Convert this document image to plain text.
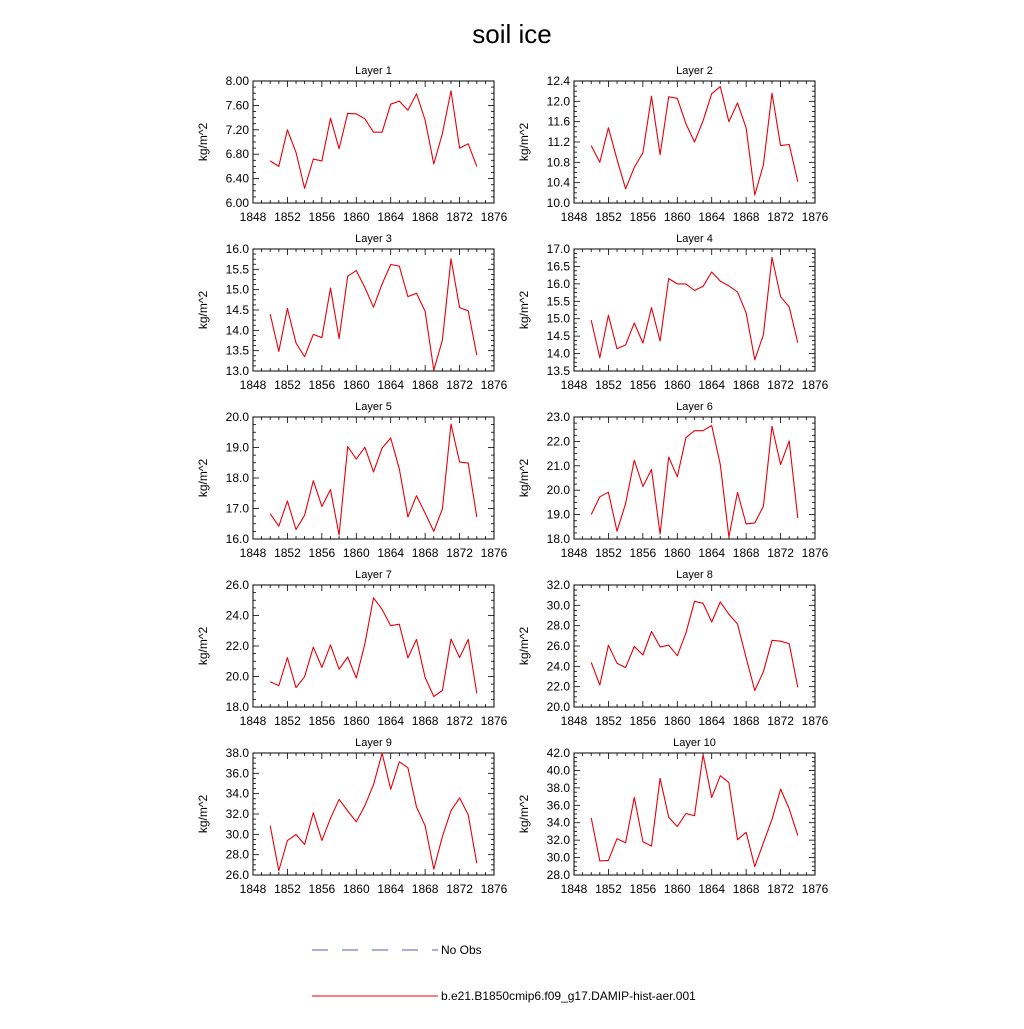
soil ice
Layer 1
1848 1852 1856 1860 1864 1868 1872 1876
6.00
6.40
6.80
7.20
7.60
8.00
kg/m^2
Layer 2
1848 1852 1856 1860 1864 1868 1872 1876
10.0
10.4
10.8
11.2
11.6
12.0
12.4
kg/m^2
Layer 3
1848 1852 1856 1860 1864 1868 1872 1876
13.0
13.5
14.0
14.5
15.0
15.5
16.0
kg/m^2
Layer 4
1848 1852 1856 1860 1864 1868 1872 1876
13.5
14.0
14.5
15.0
15.5
16.0
16.5
17.0
kg/m^2
Layer 5
1848 1852 1856 1860 1864 1868 1872 1876
16.0
17.0
18.0
19.0
20.0
kg/m^2
Layer 6
1848 1852 1856 1860 1864 1868 1872 1876
18.0
19.0
20.0
21.0
22.0
23.0
kg/m^2
Layer 7
1848 1852 1856 1860 1864 1868 1872 1876
18.0
20.0
22.0
24.0
26.0
kg/m^2
Layer 8
1848 1852 1856 1860 1864 1868 1872 1876
20.0
22.0
24.0
26.0
28.0
30.0
32.0
kg/m^2
Layer 9
1848 1852 1856 1860 1864 1868 1872 1876
26.0
28.0
30.0
32.0
34.0
36.0
38.0
kg/m^2
Layer 10
1848 1852 1856 1860 1864 1868 1872 1876
28.0
30.0
32.0
34.0
36.0
38.0
40.0
42.0
kg/m^2
No Obs
b.e21.B1850cmip6.f09_g17.DAMIP-hist-aer.001
